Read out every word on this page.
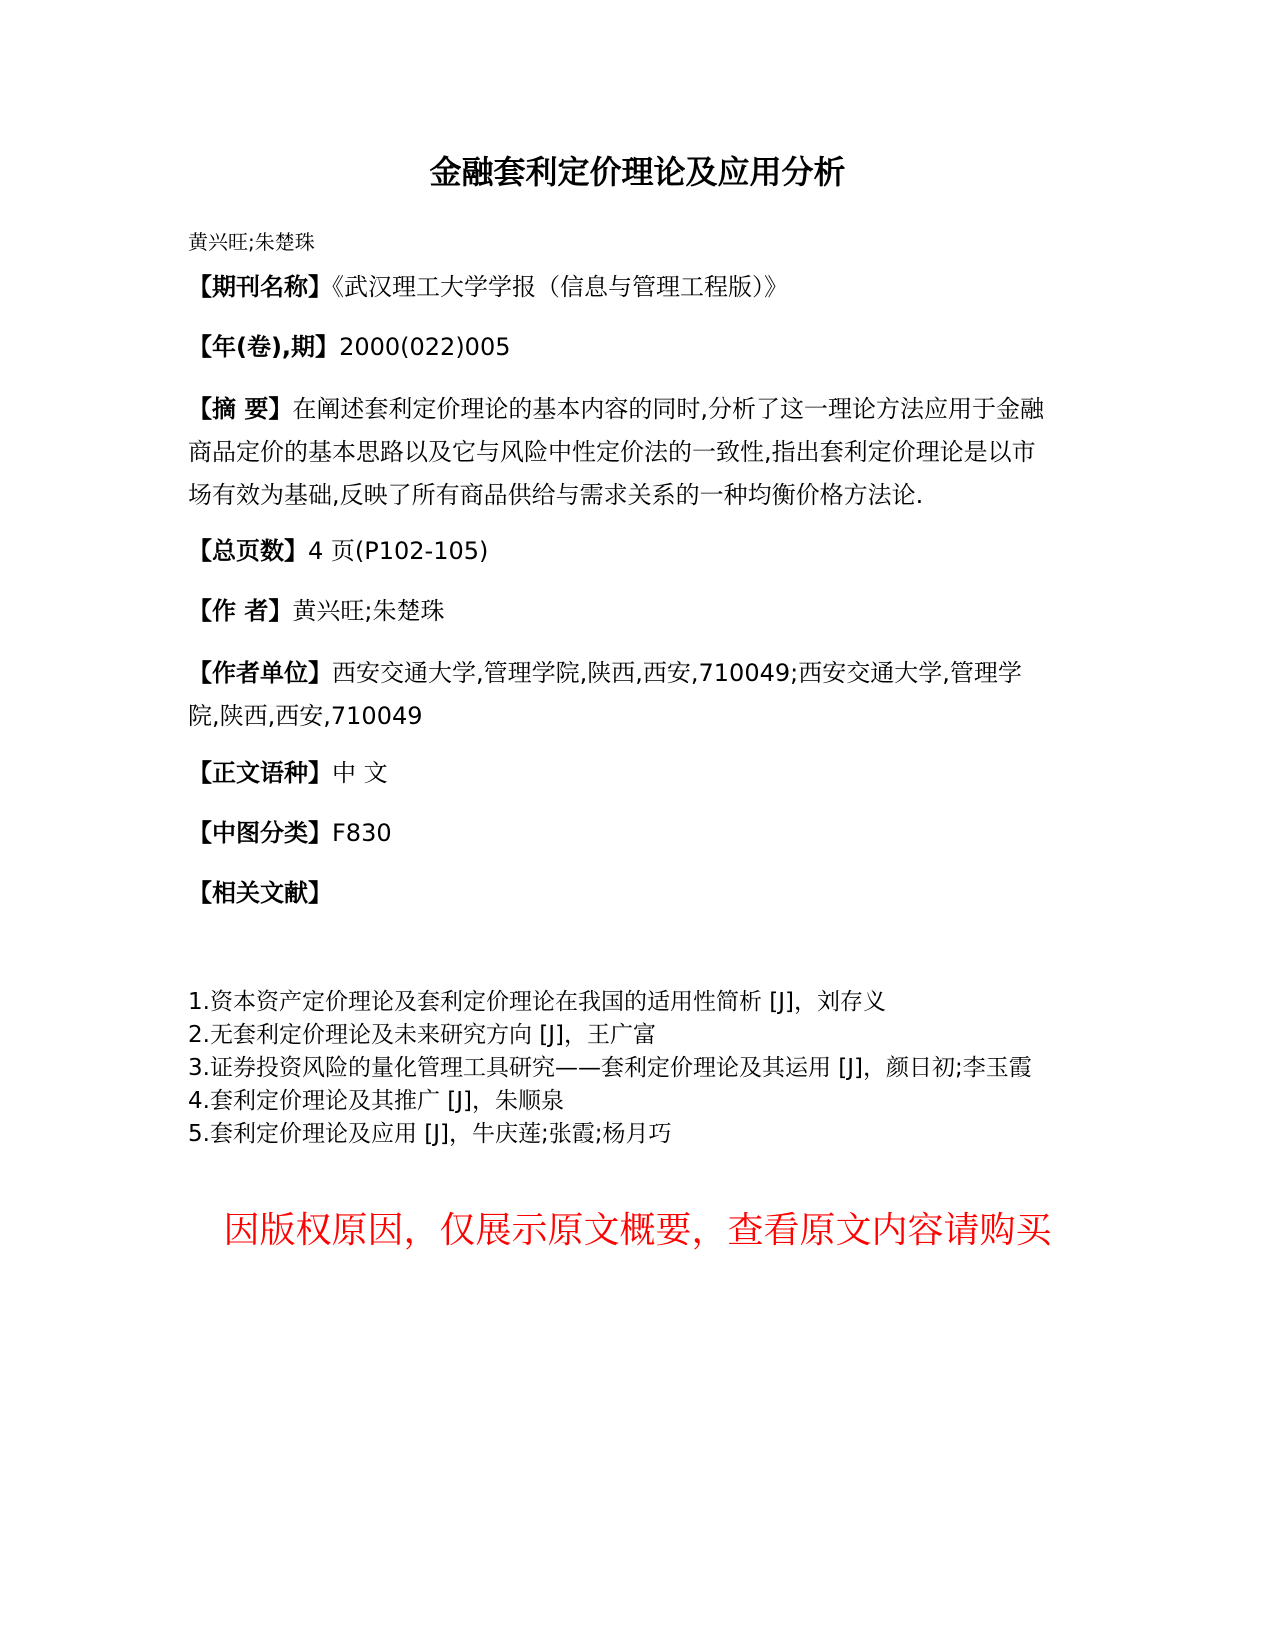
金融套利定价理论及应用分析
黄兴旺;朱楚珠
【期刊名称】《武汉理工大学学报（信息与管理工程版）》
【年(卷),期】2000(022)005
【摘 要】在阐述套利定价理论的基本内容的同时,分析了这一理论方法应用于金融商品定价的基本思路以及它与风险中性定价法的一致性,指出套利定价理论是以市场有效为基础,反映了所有商品供给与需求关系的一种均衡价格方法论.
【总页数】4 页(P102-105)
【作 者】黄兴旺;朱楚珠
【作者单位】西安交通大学,管理学院,陕西,西安,710049;西安交通大学,管理学院,陕西,西安,710049
【正文语种】中 文
【中图分类】F830
【相关文献】
1.资本资产定价理论及套利定价理论在我国的适用性简析 [J]，刘存义
2.无套利定价理论及未来研究方向 [J]，王广富
3.证券投资风险的量化管理工具研究——套利定价理论及其运用 [J]，颜日初;李玉霞
4.套利定价理论及其推广 [J]，朱顺泉
5.套利定价理论及应用 [J]，牛庆莲;张霞;杨月巧
因版权原因，仅展示原文概要，查看原文内容请购买
